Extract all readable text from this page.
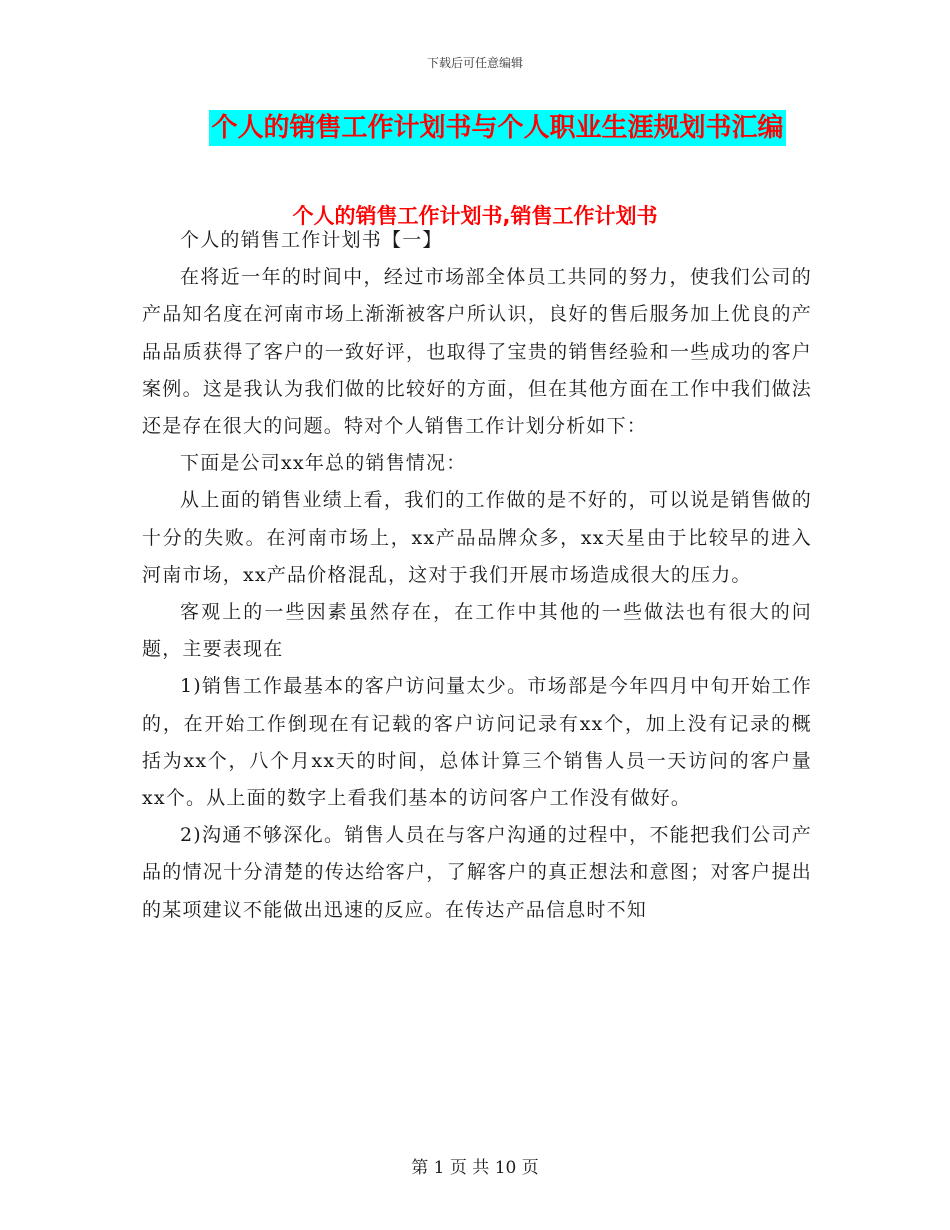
下载后可任意编辑
个人的销售工作计划书与个人职业生涯规划书汇编
个人的销售工作计划书,销售工作计划书

个人的销售工作计划书【一】

在将近一年的时间中，经过市场部全体员工共同的努力，使我们公司的产品知名度在河南市场上渐渐被客户所认识，良好的售后服务加上优良的产品品质获得了客户的一致好评，也取得了宝贵的销售经验和一些成功的客户案例。这是我认为我们做的比较好的方面，但在其他方面在工作中我们做法还是存在很大的问题。特对个人销售工作计划分析如下：

下面是公司xx年总的销售情况：

从上面的销售业绩上看，我们的工作做的是不好的，可以说是销售做的十分的失败。在河南市场上，xx产品品牌众多，xx天星由于比较早的进入河南市场，xx产品价格混乱，这对于我们开展市场造成很大的压力。

客观上的一些因素虽然存在，在工作中其他的一些做法也有很大的问题，主要表现在

1)销售工作最基本的客户访问量太少。市场部是今年四月中旬开始工作的，在开始工作倒现在有记载的客户访问记录有xx个，加上没有记录的概括为xx个，八个月xx天的时间，总体计算三个销售人员一天访问的客户量xx个。从上面的数字上看我们基本的访问客户工作没有做好。

2)沟通不够深化。销售人员在与客户沟通的过程中，不能把我们公司产品的情况十分清楚的传达给客户，了解客户的真正想法和意图；对客户提出的某项建议不能做出迅速的反应。在传达产品信息时不知

第 1 页 共 10 页
